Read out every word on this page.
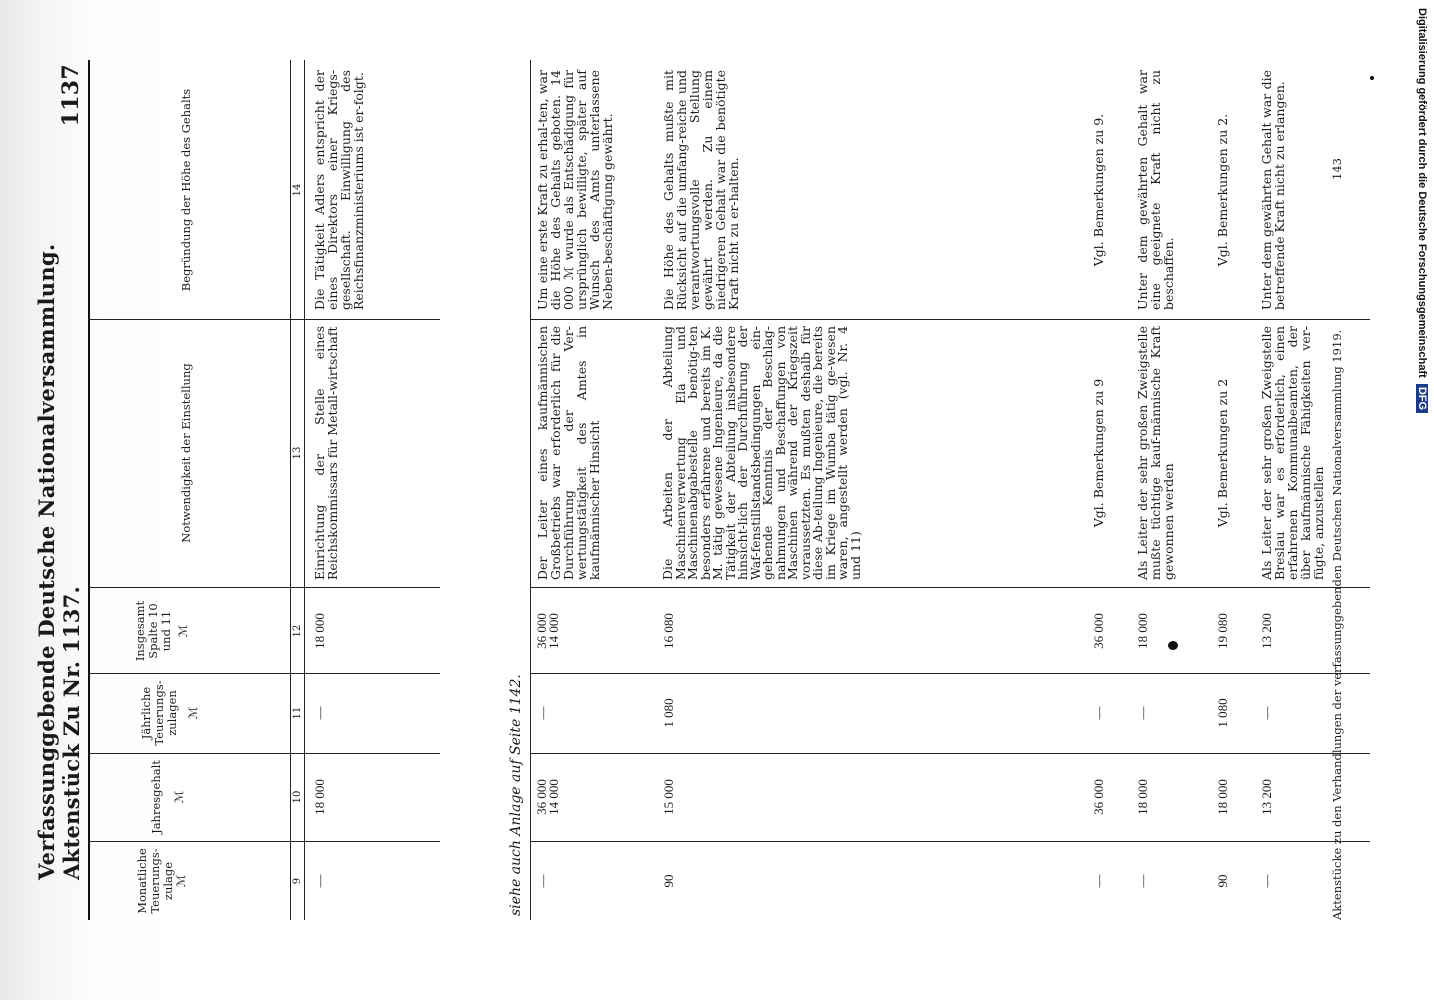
Verfassunggebende Deutsche Nationalversammlung. Aktenstück Zu Nr. 1137.
1137
Monatliche Teuerungs-zulage ℳ
Jahresgehalt ℳ
Jährliche Teuerungs-zulagen ℳ
Insgesamt Spalte 10 und 11 ℳ
Notwendigkeit der Einstellung
Begründung der Höhe des Gehalts
9
10
11
12
13
14
—
18 000
—
18 000
Einrichtung der Stelle eines Reichskommissars für Metall-wirtschaft
Die Tätigkeit Adlers entspricht der eines Direktors einer Kriegs-gesellschaft. Einwilligung des Reichsfinanzministeriums ist er-folgt.
siehe auch Anlage auf Seite 1142. —
36 000
14 000
—
36 000
14 000
Der Leiter eines kaufmännischen Großbetriebs war erforderlich für die Durchführung der Ver-wertungstätigkeit des Amtes in kaufmännischer Hinsicht
Um eine erste Kraft zu erhal-ten, war die Höhe des Gehalts geboten. 14 000 ℳ wurde als Entschädigung für ursprünglich bewilligte, später auf Wunsch des Amts unterlassene Neben-beschäftigung gewährt.
90
15 000
1 080
16 080
Die Arbeiten der Abteilung Maschinenverwertung Ela und Maschinenabgabestelle benötig-ten besonders erfahrene und bereits im K. M. tätig gewesene Ingenieure, da die Tätigkeit der Abteilung insbesondere hinsicht-lich der Durchführung der Waf-fenstillstandsbedingungen ein-gehende Kenntnis der Beschlag-nahmungen und Beschaffungen von Maschinen während der Kriegszeit voraussetzten. Es mußten deshalb für diese Ab-teilung Ingenieure, die bereits im Kriege im Wumba tätig ge-wesen waren, angestellt werden (vgl. Nr. 4 und 11)
Die Höhe des Gehalts mußte mit Rücksicht auf die umfang-reiche und verantwortungsvolle Stellung gewährt werden. Zu einem niedrigeren Gehalt war die benötigte Kraft nicht zu er-halten.
—
36 000
—
36 000
Vgl. Bemerkungen zu 9
Vgl. Bemerkungen zu 9.
—
18 000
—
18 000
Als Leiter der sehr großen Zweigstelle mußte tüchtige kauf-männische Kraft gewonnen werden
Unter dem gewährten Gehalt war eine geeignete Kraft nicht zu beschaffen.
90
18 000
1 080
19 080
Vgl. Bemerkungen zu 2
Vgl. Bemerkungen zu 2.
—
13 200
—
13 200
Als Leiter der sehr großen Zweigstelle Breslau war es erforderlich, einen erfahrenen Kommunalbeamten, der über kaufmännische Fähigkeiten ver-fügte, anzustellen
Unter dem gewährten Gehalt war die betreffende Kraft nicht zu erlangen.
Aktenstücke zu den Verhandlungen der verfassunggebenden Deutschen Nationalversammlung 1919.
143	Digitalisierung gefördert durch die Deutsche Forschungsgemeinschaft DFG
